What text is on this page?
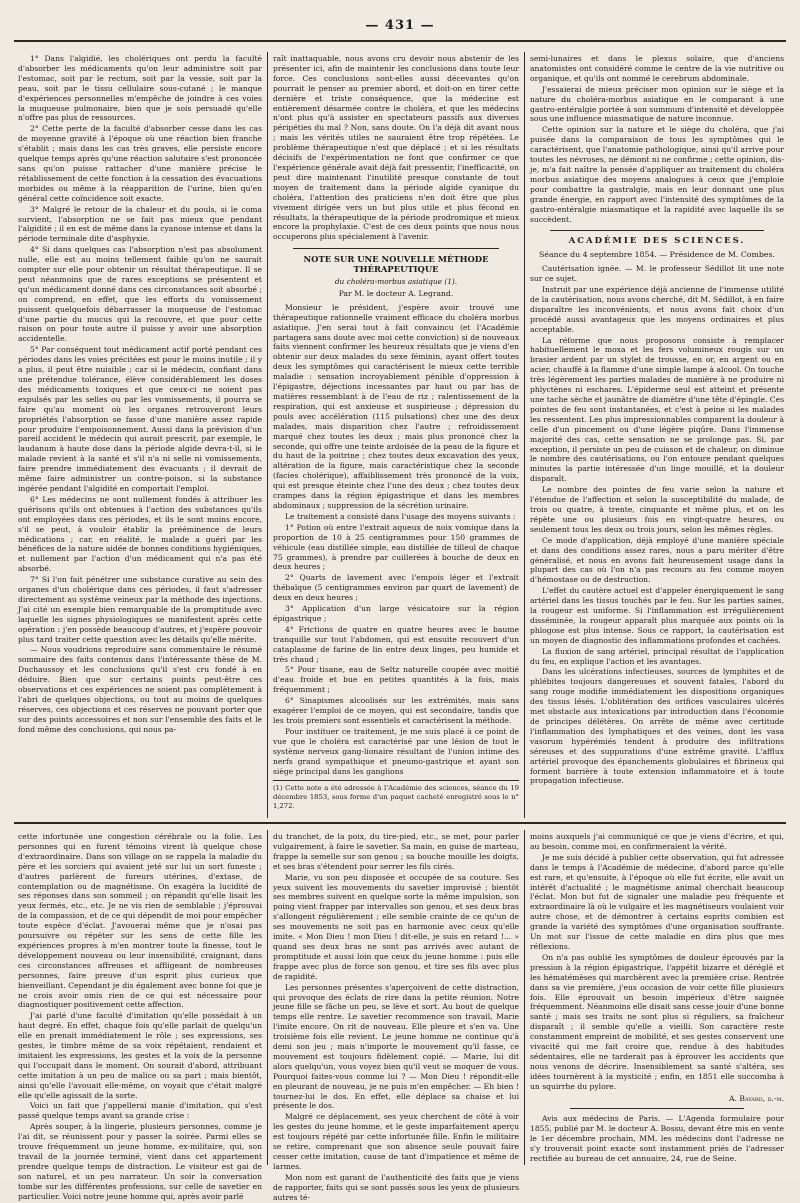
— 431 —

1° Dans l'algidié, les cholériques ont perdu la faculté d'absorber les médicaments qu'on leur administre soit par l'estomac, soit par le rectum, soit par la vessie, soit par la peau, soit par le tissu cellulaire sous-cutané ; le manque d'expériences personnelles m'empêche de joindre à ces voies la muqueuse pulmonaire, bien que je sois persuadé qu'elle n'offre pas plus de ressources.

2° Cette perte de la faculté d'absorber cesse dans les cas de moyenne gravité à l'époque où une réaction bien franche s'établit ; mais dans les cas très graves, elle persiste encore quelque temps après qu'une réaction salutaire s'est prononcée sans qu'on puisse rattacher d'une manière précise le rétablissement de cette fonction à la cessation des évacuations morbides ou même à la réapparition de l'urine, bien qu'en général cette coïncidence soit exacte.

3° Malgré le retour de la chaleur et du pouls, si le coma survient, l'absorption ne se fait pas mieux que pendant l'algidité ; il en est de même dans la cyanose intense et dans la période terminale dite d'asphyxie.

4° Si dans quelques cas l'absorption n'est pas absolument nulle, elle est au moins tellement faible qu'on ne saurait compter sur elle pour obtenir un résultat thérapeutique. Il se peut néanmoins que de rares exceptions se présentent et qu'un médicament donné dans ces circonstances soit absorbé ; on comprend, en effet, que les efforts du vomissement puissent quelquefois débarrasser la muqueuse de l'estomac d'une partie du mucus qui la recouvre, et que pour cette raison on pour toute autre il puisse y avoir une absorption accidentelle.

5° Par conséquent tout médicament actif porté pendant ces périodes dans les voies précitées est pour le moins inutile ; il y a plus, il peut être nuisible ; car si le médecin, confiant dans une prétendue tolérance, élève considérablement les doses des médicaments toxiques et que ceux-ci ne soient pas expulsés par les selles ou par les vomissements, il pourra se faire qu'au moment où les organes retrouveront leurs propriétés l'absorption se fasse d'une manière assez rapide pour produire l'empoisonnement. Aussi dans la prévision d'un pareil accident le médecin qui aurait prescrit, par exemple, le laudanum à haute dose dans la période algide devra-t-il, si le malade revient à la santé et s'il n'a ni selle ni vomissements, faire prendre immédiatement des évacuants ; il devrait de même faire administrer un contre-poison, si la substance ingérée pendant l'algidité en comportait l'emploi.

6° Les médecins ne sont nullement fondés à attribuer les guérisons qu'ils ont obtenues à l'action des substances qu'ils ont employées dans ces périodes, et ils le sont moins encore, s'il se peut, à vouloir établir la prééminence de leurs médications ; car, en réalité, le malade a guéri par les bénéfices de la nature aidée de bonnes conditions hygiéniques, et nullement par l'action d'un médicament qui n'a pas été absorbé.

7° Si l'on fait pénétrer une substance curative au sein des organes d'un cholérique dans ces périodes, il faut s'adresser directement au système veineux par la méthode des injections. J'ai cité un exemple bien remarquable de la promptitude avec laquelle les signes physiologiques se manifestent après cette opération : j'en possède beaucoup d'autres, et j'espère pouvoir plus tard traiter cette question avec les détails qu'elle mérite.

— Nous voudrions reproduire sans commentaire le résumé sommaire des faits contenus dans l'intéressante thèse de M. Duchaussoy et les conclusions qu'il s'est cru fondé à en déduire. Bien que sur certains points peut-être ces observations et ces expériences ne soient pas complètement à l'abri de quelques objections, ou tout au moins de quelques réserves, ces objections et ces réserves ne pouvant porter que sur des points accessoires et non sur l'ensemble des faits et le fond même des conclusions, qui nous pa-

raît inattaquable, nous avons cru devoir nous abstenir de les présenter ici, afin de maintenir les conclusions dans toute leur force. Ces conclusions sont-elles aussi décevantes qu'on pourrait le penser au premier abord, et doit-on en tirer cette dernière et triste conséquence, que la médecine est entièrement désarmée contre le choléra, et que les médecins n'ont plus qu'à assister en spectateurs passifs aux diverses péripéties du mal ? Non, sans doute. On l'a déjà dit avant nous ; mais les vérités utiles ne sauraient être trop répétées. Le problème thérapeutique n'est que déplacé ; et si les résultats décisifs de l'expérimentation ne font que confirmer ce que l'expérience générale avait déjà fait pressentir, l'inefficacité, on peut dire maintenant l'inutilité presque constante de tout moyen de traitement dans la période algide cyanique du choléra, l'attention des praticiens n'en doit être que plus vivement dirigée vers un but plus utile et plus fécond en résultats, la thérapeutique de la période prodromique et mieux encore la prophylaxie. C'est de ces deux points que nous nous occuperons plus spécialement à l'avenir.

NOTE SUR UNE NOUVELLE MÉTHODE THÉRAPEUTIQUE
du choléra-morbus asiatique (1).
Par M. le docteur A. Legrand.

Monsieur le président, j'espère avoir trouvé une thérapeutique rationnelle vraiment efficace du choléra morbus asiatique. J'en serai tout à fait convaincu (et l'Académie partagera sans doute avec moi cette conviction) si de nouveaux faits viennent confirmer les heureux résultats que je viens d'en obtenir sur deux malades du sexe féminin, ayant offert toutes deux les symptômes qui caractérisent le mieux cette terrible maladie : sensation incroyablement pénible d'oppression à l'épigastre, déjections incessantes par haut ou par bas de matières ressemblant à de l'eau de riz ; ralentissement de la respiration, qui est anxieuse et suspirieuse ; dépression du pouls avec accélération (115 pulsations) chez une des deux malades, mais disparition chez l'autre ; refroidissement marqué chez toutes les deux ; mais plus prononcé chez la seconde, qui offre une teinte ardoisée de la peau de la figure et du haut de la poitrine ; chez toutes deux excavation des yeux, altération de la figure, mais caractéristique chez la seconde (facies cholérique), affaiblissement très prononcé de la voix, qui est presque éteinte chez l'une des deux ; chez toutes deux crampes dans la région épigastrique et dans les membres abdominaux ; suppression de la sécrétion urinaire.

Le traitement a consisté dans l'usage des moyens suivants :

1° Potion où entre l'extrait aqueux de noix vomique dans la proportion de 10 à 25 centigrammes pour 150 grammes de véhicule (eau distillée simple, eau distillée de tilleul de chaque 75 grammes), à prendre par cuillerées à bouche de deux en deux heures ;

2° Quarts de lavement avec l'empois léger et l'extrait thébaïque (5 centigrammes environ par quart de lavement) de deux en deux heures ;

3° Application d'un large vésicatoire sur la région épigastrique ;

4° Frictions de quatre en quatre heures avec le baume tranquille sur tout l'abdomen, qui est ensuite recouvert d'un cataplasme de farine de lin entre deux linges, peu humide et très chaud ;

5° Pour tisane, eau de Seltz naturelle coupée avec moitié d'eau froide et bue en petites quantités à la fois, mais fréquemment ;

6° Sinapismes alcoolisés sur les extrémités, mais sans exagérer l'emploi de ce moyen, qui est secondaire, tandis que les trois premiers sont essentiels et caractérisent la méthode.

Pour instituer ce traitement, je me suis placé à ce point de vue que le choléra est caractérisé par une lésion de tout le système nerveux gang-lionaire résultant de l'union intime des nerfs grand sympathique et pneumo-gastrique et ayant son siège principal dans les ganglions

(1) Cette note a été adressée à l'Académie des sciences, séance du 19 décembre 1853, sous forme d'un paquet cacheté enregistré sous le n° 1,272.

semi-lunaires et dans le plexus solaire, que d'anciens anatomistes ont considéré comme le centre de la vie nutritive ou organique, et qu'ils ont nommé le cerebrum abdominale.

J'essaierai de mieux préciser mon opinion sur le siège et la nature du choléra-morbus asiatique en le comparant à une gastro-entéralgie portée à son summum d'intensité et développée sous une influence miasmatique de nature inconnue.

Cette opinion sur la nature et le siège du choléra, que j'ai puisée dans la comparaison de tous les symptômes qui le caractérisent, que l'anatomie pathologique, ainsi qu'il arrive pour toutes les névroses, ne démont ni ne confirme ; cette opinion, dis-je, m'a fait naître la pensée d'appliquer au traitement du choléra morbus asiatique des moyens analogues à ceux que j'emploie pour combattre la gastralgie, mais en leur donnant une plus grande énergie, en rapport avec l'intensité des symptômes de la gastro-entéralgie miasmatique et la rapidité avec laquelle ils se succèdent.

ACADÉMIE DES SCIENCES.
Séance du 4 septembre 1854. — Présidence de M. Combes.

Cautérisation ignée. — M. le professeur Sédillot lit une note sur ce sujet.

Instruit par une expérience déjà ancienne de l'immense utilité de la cautérisation, nous avons cherché, dit M. Sédillot, à en faire disparaître les inconvénients, et nous avons fait choix d'un procédé aussi avantageux que les moyens ordinaires et plus acceptable.

La réforme que nous proposons consiste à remplacer habituellement le moxa et les fers volumineux rougis sur un brasier ardent par un stylet de trousse, en or, en argent ou en acier, chauffé à la flamme d'une simple lampe à alcool. On touche très légèrement les parties malades de manière à ne produire ni phlyctènes ni eschares. L'épiderme seul est atteint et présente une tache sèche et jaunâtre de diamètre d'une tête d'épingle. Ces pointes de feu sont instantanées, et c'est à peine si les malades les ressentent. Les plus impressionnables comparent la douleur à celle d'un pincement ou d'une légère piqûre. Dans l'immense majorité des cas, cette sensation ne se prolonge pas. Si, par exception, il persiste un peu de cuisson et de chaleur, on diminue le nombre des cautérisations, ou l'on entoure pendant quelques minutes la partie intéressée d'un linge mouillé, et la douleur disparaît.

Le nombre des pointes de feu varie selon la nature et l'étendue de l'affection et selon la susceptibilité du malade, de trois ou quatre, à trente, cinquante et même plus, et on les répète une ou plusieurs fois en vingt-quatre heures, ou seulement tous les deux ou trois jours, selon les mêmes règles.

Ce mode d'application, déjà employé d'une manière spéciale et dans des conditions assez rares, nous a paru mériter d'être généralisé, et nous en avons fait heureusement usage dans la plupart des cas où l'on n'a pas recours au feu comme moyen d'hémostase ou de destruction.

L'effet du cautère actuel est d'appeler énergiquement le sang artériel dans les tissus touchés par le feu. Sur les parties saines, la rougeur est uniforme. Si l'inflammation est irrégulièrement disséminée, la rougeur apparaît plus marquée aux points où la phlogose est plus intense. Sous ce rapport, la cautérisation est un moyen de diagnostic des inflammations profondes et cachées.

La fluxion de sang artériel, principal résultat de l'application du feu, en explique l'action et les avantages.

Dans les ulcérations infectieuses, sources de lymphites et de phlébites toujours dangereuses et souvent fatales, l'abord du sang rouge modifie immédiatement les dispositions organiques des tissus lésés. L'oblitération des orifices vasculaires ulcérés met obstacle aux intoxications par introduction dans l'économie de principes délétères. On arrête de même avec certitude l'inflammation des lymphatiques et des veines, dont les vasa vasorum hypérémiés tendent à produire des infiltrations séreuses et des suppurations d'une extrême gravité. L'afflux artériel provoque des épanchements globulaires et fibrineux qui forment barrière à toute extension inflammatoire et à toute propagation infectieuse.

cette infortunée une congestion cérébrale ou la folie. Les personnes qui en furent témoins virent là quelque chose d'extraordinaire. Dans son village on se rappela la maladie du père et les sorciers qui avaient jeté sur lui un sort funeste ; d'autres parlèrent de fureurs utérines, d'extase, de contemplation ou de magnétisme. On exagéra la lucidité de ses réponses dans son sommeil ; on répandit qu'elle lisait les yeux fermés, etc., etc. Je ne vis rien de semblable ; j'éprouvai de la compassion, et de ce qui dépendit de moi pour empêcher toute espèce d'éclat. J'avouerai même que je n'osai pas poursuivre ou répéter sur les sens de cette fille les expériences propres à m'en montrer toute la finesse, tout le développement nouveau ou leur insensibilité, craignant, dans ces circonstances affreuses et affligeant de nombreuses personnes, faire preuve d'un esprit plus curieux que bienveillant. Cependant je dis également avec bonne foi que je ne crois avoir omis rien de ce qui est nécessaire pour diagnostiquer positivement cette affection.

J'ai parlé d'une faculté d'imitation qu'elle possédait à un haut degré. En effet, chaque fois qu'elle parlait de quelqu'un elle en prenait immédiatement le rôle ; ses expressions, ses gestes, le timbre même de sa voix répétaient, rendaient et imitaient les expressions, les gestes et la voix de la personne qui l'occupait dans le moment. On sourait d'abord, attribuant cette imitation à un peu de malice ou sa part ; mais bientôt, ainsi qu'elle l'avouait elle-même, on voyait que c'était malgré elle qu'elle agissait de la sorte.

Voici un fait que j'appellerai manie d'imitation, qui s'est passé quelque temps avant sa grande crise :

Après souper, à la lingerie, plusieurs personnes, comme je l'ai dit, se réunissent pour y passer la soirée. Parmi elles se trouve fréquemment un jeune homme, ex-militaire, qui, son travail de la journée terminé, vient dans cet appartement prendre quelque temps de distraction. Le visiteur est gai de son naturel, et un peu narrateur. Un soir la conversation tombe sur les différentes professions, sur celle de savetier en particulier. Voici notre jeune homme qui, après avoir parlé

du tranchet, de la poix, du tire-pied, etc., se met, pour parler vulgairement, à faire le savetier. Sa main, en guise de marteau, frappe la semelle sur son genou ; sa bouche mouille les doigts, et ses bras s'étendent pour serrer les fils cirés.

Marie, vu son peu disposée et occupée de sa couture. Ses yeux suivent les mouvements du savetier improvisé ; bientôt ses membres suivent en quelque sorte la même impulsion, son poing vient frapper par intervalles son genou, et ses deux bras s'allongent régulièrement ; elle semble crainte de ce qu'un de ses mouvements ne soit pas en harmonie avec ceux qu'elle imite. « Mon Dieu ! mon Dieu ! dit-elle, je suis en retard !... » quand ses deux bras ne sont pas arrivés avec autant de promptitude et aussi loin que ceux du jeune homme : puis elle frappe avec plus de force son genou, et tire ses fils avec plus de rapidité.

Les personnes présentes s'aperçoivent de cette distraction, qui provoque des éclats de rire dans la petite réunion. Notre jeune fille se fâche un peu, se lève et sort. Au bout de quelque temps elle rentre. Le savetier recommence son travail, Marie l'imite encore. On rit de nouveau. Elle pleure et s'en va. Une troisième fois elle revient. Le jeune homme ne continue qu'à demi son jeu ; mais n'importe le mouvement qu'il fasse, ce mouvement est toujours fidèlement copié. — Marie, lui dit alors quelqu'un, vous voyez bien qu'il veut se moquer de vous. Pourquoi faites-vous comme lui ? — Mon Dieu ! répondit-elle en pleurant de nouveau, je ne puis m'en empêcher. — Eh bien ! tournez-lui le dos. En effet, elle déplace sa chaise et lui présente le dos.

Malgré ce déplacement, ses yeux cherchent de côté à voir les gestes du jeune homme, et le geste imparfaitement aperçu est toujours répété par cette infortunée fille. Enfin le militaire se retire, comprenant que son absence seule pouvait faire cesser cette imitation, cause de tant d'impatience et même de larmes.

Mon nom est garant de l'authenticité des faits que je viens de rapporter, faits qui se sont passés sous les yeux de plusieurs autres té-

moins auxquels j'ai communiqué ce que je viens d'écrire, et qui, au besoin, comme moi, en confirmeraient la vérité.

Je me suis décidé à publier cette observation, qui fut adressée dans le temps à l'Académie de médecine, d'abord parce qu'elle est rare, et qu'ensuite, à l'époque où elle fut écrite, elle avait un intérêt d'actualité ; le magnétisme animal cherchait beaucoup l'éclat. Mon but fut de signaler une maladie peu fréquente et extraordinaire là où le vulgaire et les magnétiseurs voulaient voir autre chose, et de démontrer à certains esprits combien est grande la variété des symptômes d'une organisation souffrante. Un mot sur l'issue de cette maladie en dira plus que mes réflexions.

On n'a pas oublié les symptômes de douleur éprouvés par la pression à la région épigastrique, l'appétit bizarre et déréglé et les hématémèses qui marchèrent avec la première crise. Rentrée dans sa vie première, j'eus occasion de voir cette fille plusieurs fois. Elle éprouvait un besoin impérieux d'être saignée fréquemment. Néanmoins elle disait sans cesse jouir d'une bonne santé ; mais ses traits ne sont plus si réguliers, sa fraîcheur disparaît ; il semble qu'elle a vieilli. Son caractère reste constamment empreint de mobilité, et ses gestes conservent une vivacité qui me fait croire que, rendue à des habitudes sédentaires, elle ne tarderait pas à éprouver les accidents que nous venons de décrire. Insensiblement sa santé s'altéra, ses idées tournèrent à la mysticité ; enfin, en 1851 elle succomba à un squirrhe du pylore.

A. Bayard, d.-m.

Avis aux médecins de Paris. — L'Agenda formulaire pour 1855, publié par M. le docteur A. Bossu, devant être mis en vente le 1er décembre prochain, MM. les médecins dont l'adresse ne s'y trouverait point exacte sont instamment priés de l'adresser rectifiée au bureau de cet annuaire, 24, rue de Seine.
